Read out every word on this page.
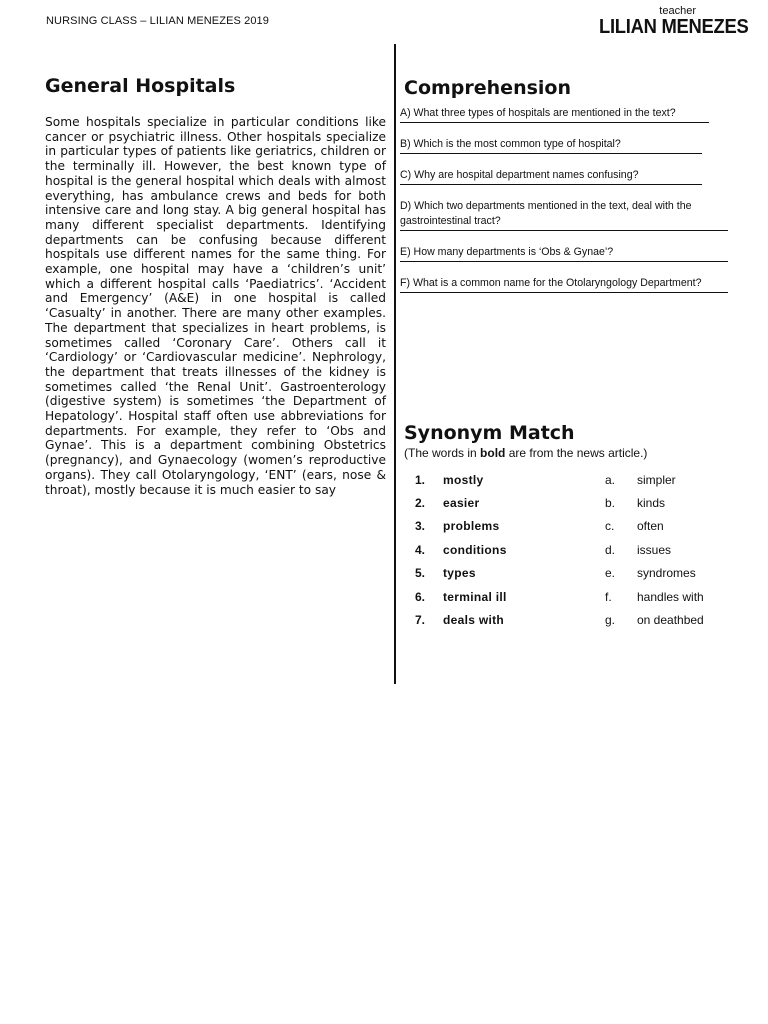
NURSING CLASS – LILIAN MENEZES 2019
teacher
LILIAN MENEZES
General Hospitals
Some hospitals specialize in particular conditions like cancer or psychiatric illness. Other hospitals specialize in particular types of patients like geriatrics, children or the terminally ill. However, the best known type of hospital is the general hospital which deals with almost everything, has ambulance crews and beds for both intensive care and long stay. A big general hospital has many different specialist departments. Identifying departments can be confusing because different hospitals use different names for the same thing. For example, one hospital may have a ‘children’s unit’ which a different hospital calls ‘Paediatrics’. ‘Accident and Emergency’ (A&E) in one hospital is called ‘Casualty’ in another. There are many other examples. The department that specializes in heart problems, is sometimes called ‘Coronary Care’. Others call it ‘Cardiology’ or ‘Cardiovascular medicine’. Nephrology, the department that treats illnesses of the kidney is sometimes called ‘the Renal Unit’. Gastroenterology (digestive system) is sometimes ‘the Department of Hepatology’. Hospital staff often use abbreviations for departments. For example, they refer to ‘Obs and Gynae’. This is a department combining Obstetrics (pregnancy), and Gynaecology (women’s reproductive organs). They call Otolaryngology, ‘ENT’ (ears, nose & throat), mostly because it is much easier to say
Comprehension
A) What three types of hospitals are mentioned in the text?
B) Which is the most common type of hospital?
C) Why are hospital department names confusing?
D) Which two departments mentioned in the text, deal with the gastrointestinal tract?
E) How many departments is ‘Obs & Gynae’?
F) What is a common name for the Otolaryngology Department?
Synonym Match
(The words in bold are from the news article.)
1.	mostly	a.	simpler
2.	easier	b.	kinds
3.	problems	c.	often
4.	conditions	d.	issues
5.	types	e.	syndromes
6.	terminal ill	f.	handles with
7.	deals with	g.	on deathbed
